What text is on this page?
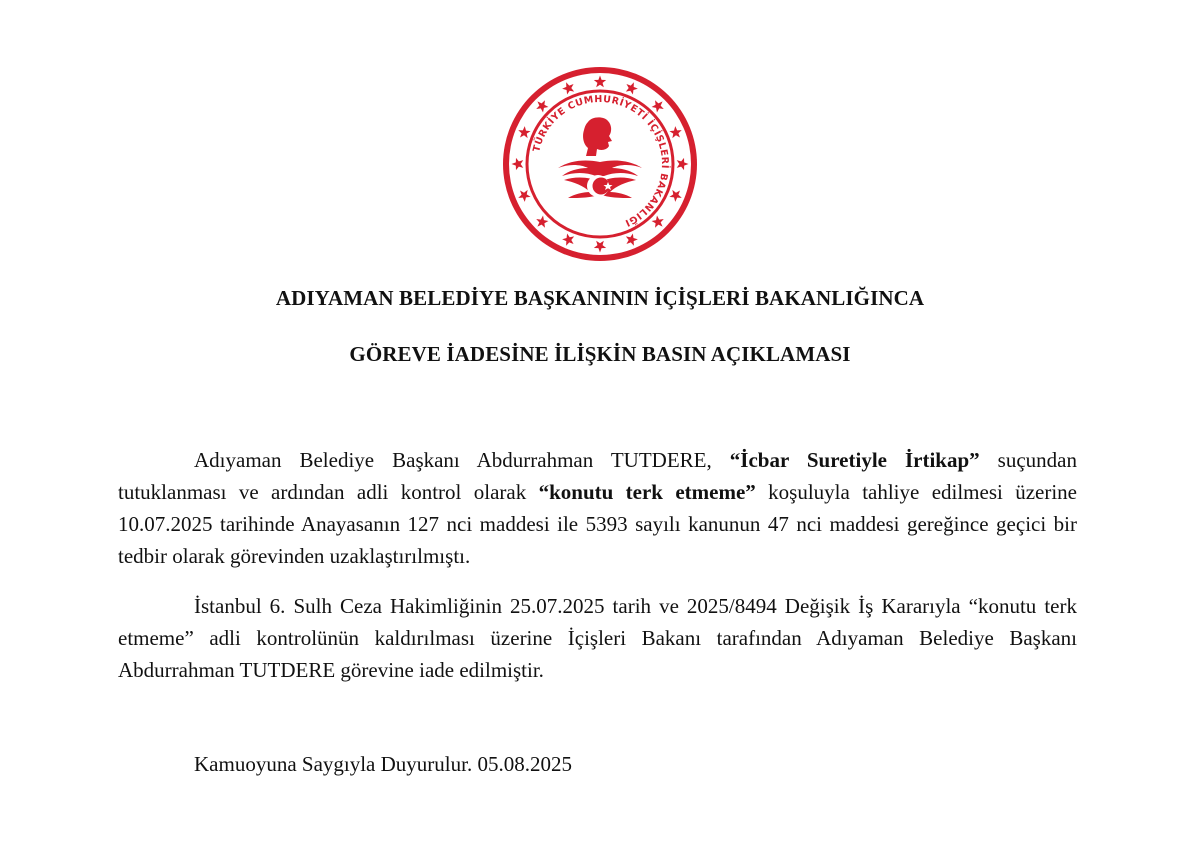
TÜRKİYE CUMHURİYETİ İÇİŞLERİ BAKANLIĞI
ADIYAMAN BELEDİYE BAŞKANININ İÇİŞLERİ BAKANLIĞINCA
GÖREVE İADESİNE İLİŞKİN BASIN AÇIKLAMASI

Adıyaman Belediye Başkanı Abdurrahman TUTDERE, “İcbar Suretiyle İrtikap” suçundan tutuklanması ve ardından adli kontrol olarak “konutu terk etmeme” koşuluyla tahliye edilmesi üzerine 10.07.2025 tarihinde Anayasanın 127 nci maddesi ile 5393 sayılı kanunun 47 nci maddesi gereğince geçici bir tedbir olarak görevinden uzaklaştırılmıştı.

İstanbul 6. Sulh Ceza Hakimliğinin 25.07.2025 tarih ve 2025/8494 Değişik İş Kararıyla “konutu terk etmeme” adli kontrolünün kaldırılması üzerine İçişleri Bakanı tarafından Adıyaman Belediye Başkanı Abdurrahman TUTDERE görevine iade edilmiştir.

Kamuoyuna Saygıyla Duyurulur. 05.08.2025
